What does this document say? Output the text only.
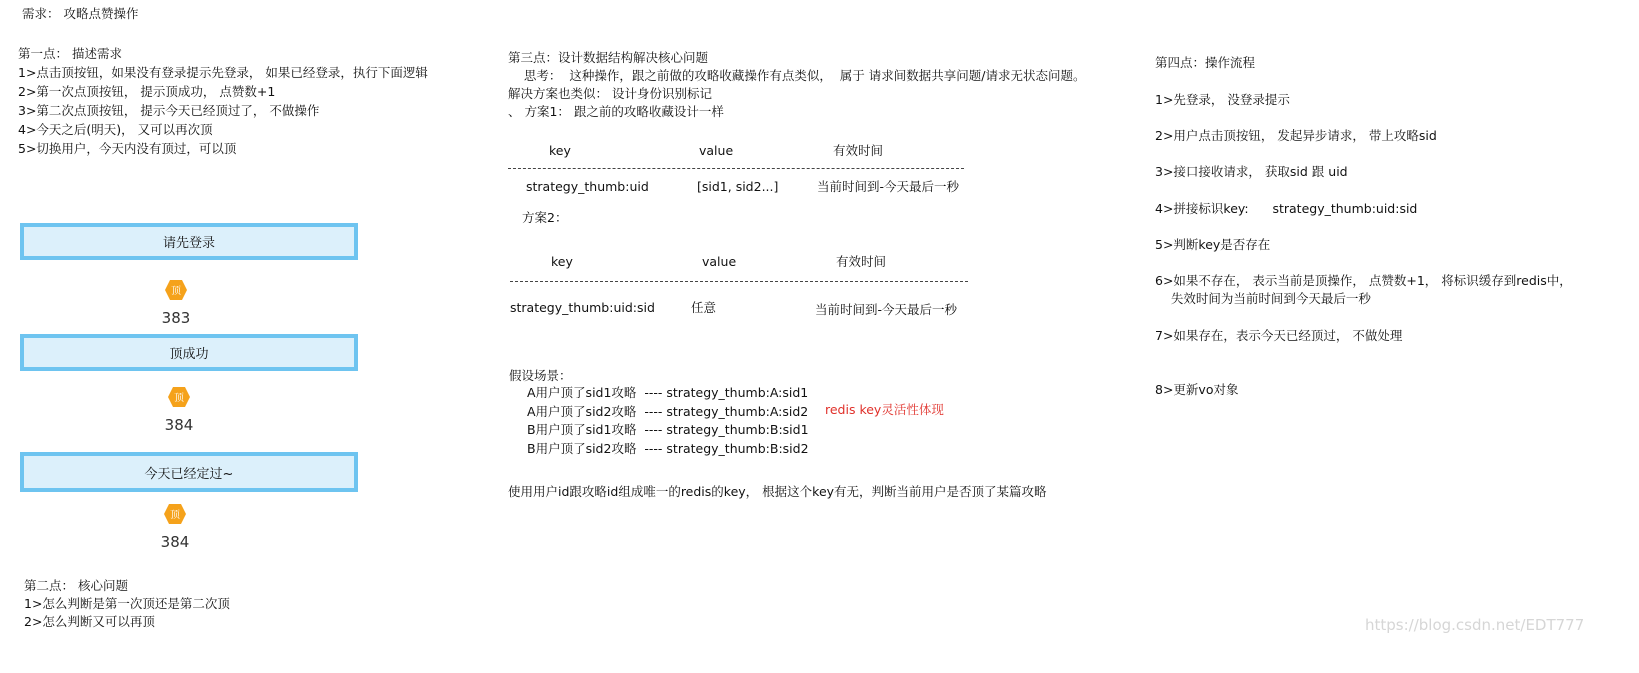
需求： 攻略点赞操作
第一点： 描述需求
1>点击顶按钮，如果没有登录提示先登录， 如果已经登录，执行下面逻辑
2>第一次点顶按钮， 提示顶成功， 点赞数+1
3>第二次点顶按钮， 提示今天已经顶过了， 不做操作
4>今天之后(明天)， 又可以再次顶
5>切换用户，今天内没有顶过，可以顶
请先登录
顶
383
顶成功
顶
384
今天已经定过~
顶
384
第二点： 核心问题
1>怎么判断是第一次顶还是第二次顶
2>怎么判断又可以再顶
第三点：设计数据结构解决核心问题
思考：  这种操作，跟之前做的攻略收藏操作有点类似，  属于 请求间数据共享问题/请求无状态问题。
解决方案也类似： 设计身份识别标记
、 方案1： 跟之前的攻略收藏设计一样
key	value	有效时间
strategy_thumb:uid	[sid1, sid2...]	当前时间到-今天最后一秒
方案2：
key	value	有效时间
strategy_thumb:uid:sid	任意	当前时间到-今天最后一秒
假设场景：
A用户顶了sid1攻略  ---- strategy_thumb:A:sid1
A用户顶了sid2攻略  ---- strategy_thumb:A:sid2
B用户顶了sid1攻略  ---- strategy_thumb:B:sid1
B用户顶了sid2攻略  ---- strategy_thumb:B:sid2
redis key灵活性体现
使用用户id跟攻略id组成唯一的redis的key， 根据这个key有无，判断当前用户是否顶了某篇攻略
第四点：操作流程
1>先登录， 没登录提示
2>用户点击顶按钮， 发起异步请求， 带上攻略sid
3>接口接收请求， 获取sid 跟 uid
4>拼接标识key:      strategy_thumb:uid:sid
5>判断key是否存在
6>如果不存在， 表示当前是顶操作， 点赞数+1， 将标识缓存到redis中，
失效时间为当前时间到今天最后一秒
7>如果存在，表示今天已经顶过， 不做处理
8>更新vo对象
https://blog.csdn.net/EDT777
